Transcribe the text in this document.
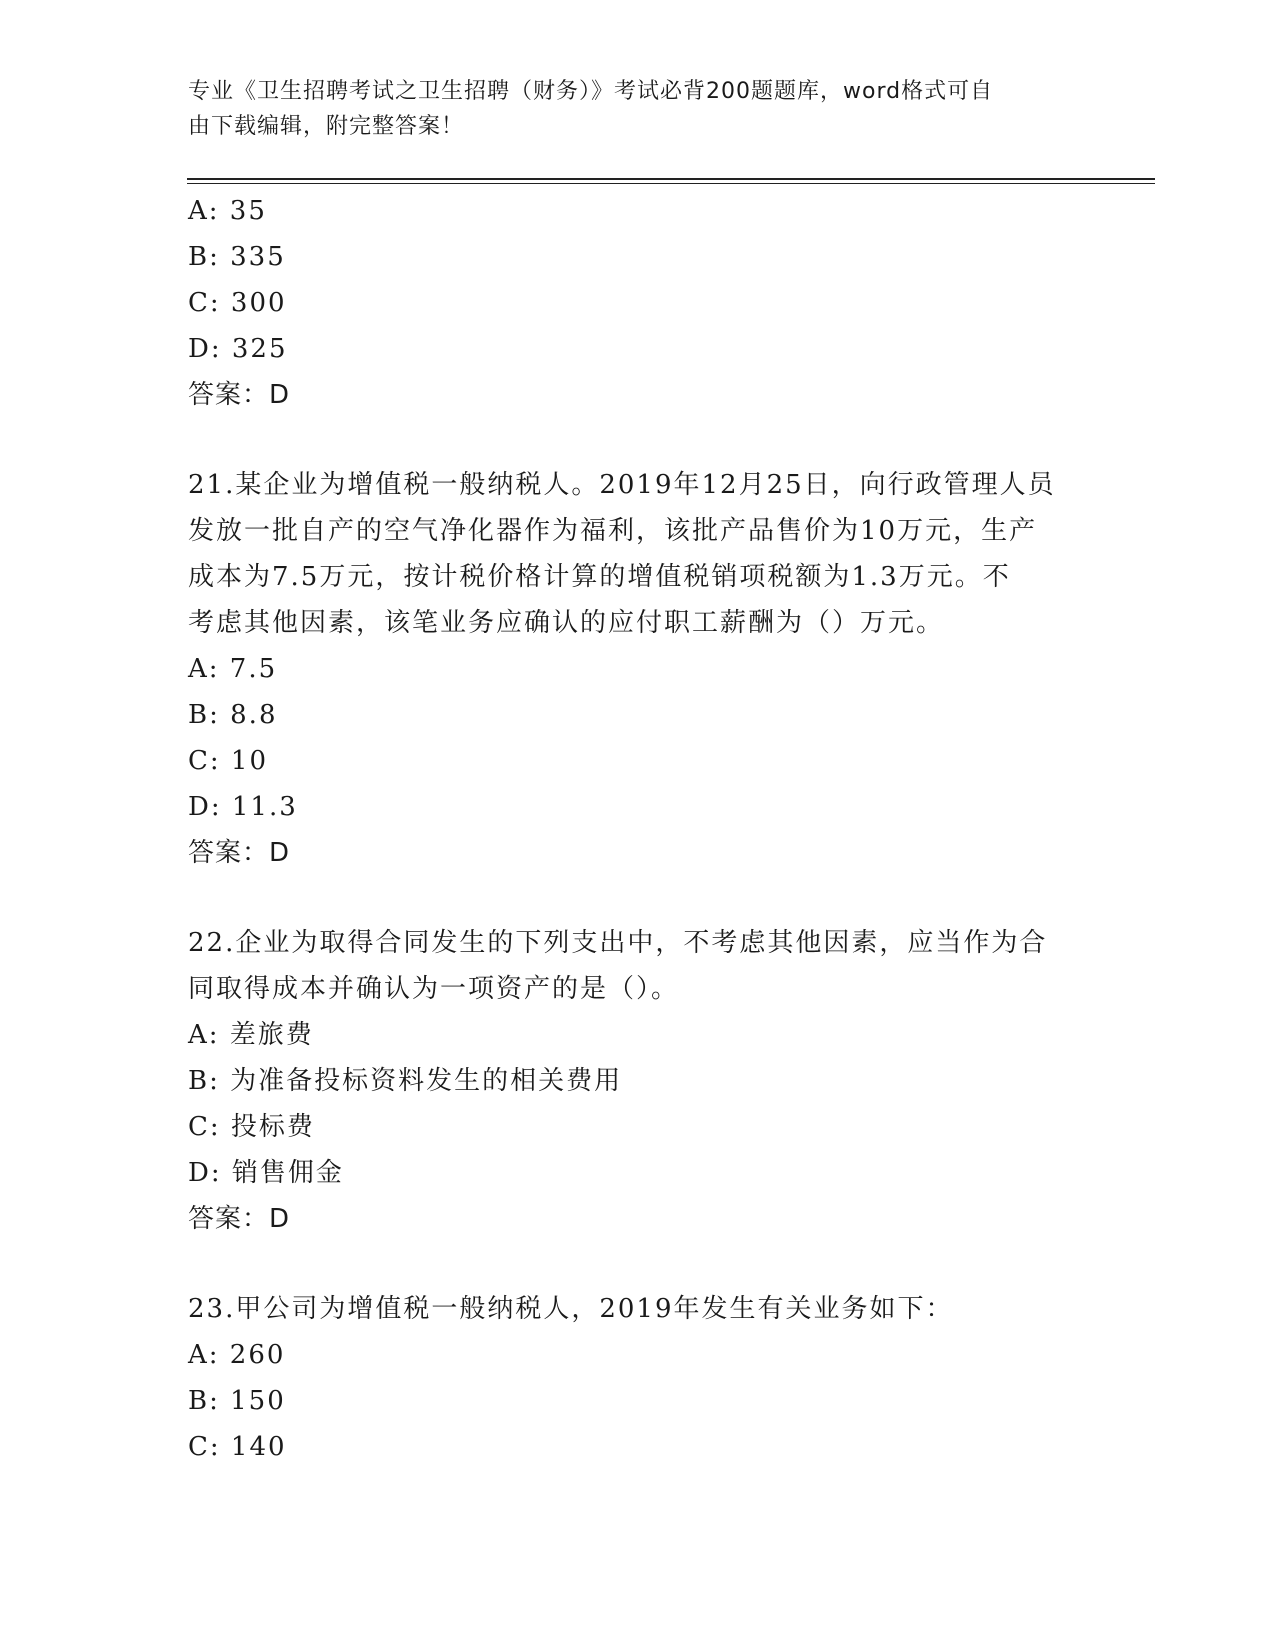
专业《卫生招聘考试之卫生招聘（财务）》考试必背200题题库，word格式可自
由下载编辑，附完整答案！
A: 35
B: 335
C: 300
D: 325
答案：D
21.某企业为增值税一般纳税人。2019年12月25日，向行政管理人员
发放一批自产的空气净化器作为福利，该批产品售价为10万元，生产
成本为7.5万元，按计税价格计算的增值税销项税额为1.3万元。不
考虑其他因素，该笔业务应确认的应付职工薪酬为（）万元。
A: 7.5
B: 8.8
C: 10
D: 11.3
答案：D
22.企业为取得合同发生的下列支出中，不考虑其他因素，应当作为合
同取得成本并确认为一项资产的是（）。
A: 差旅费
B: 为准备投标资料发生的相关费用
C: 投标费
D: 销售佣金
答案：D
23.甲公司为增值税一般纳税人，2019年发生有关业务如下：
A: 260
B: 150
C: 140
